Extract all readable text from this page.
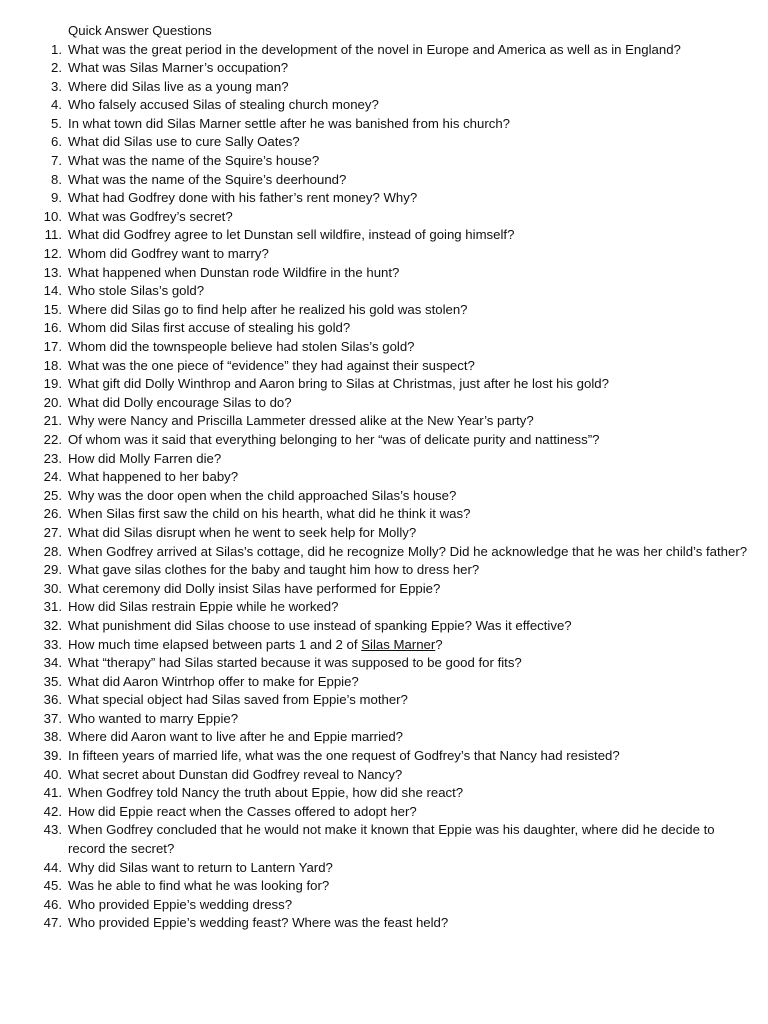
Quick Answer Questions
1. What was the great period in the development of the novel in Europe and America as well as in England?
2. What was Silas Marner’s occupation?
3. Where did Silas live as a young man?
4. Who falsely accused Silas of stealing church money?
5. In what town did Silas Marner settle after he was banished from his church?
6. What did Silas use to cure Sally Oates?
7. What was the name of the Squire’s house?
8. What was the name of the Squire’s deerhound?
9. What had Godfrey done with his father’s rent money? Why?
10. What was Godfrey’s secret?
11. What did Godfrey agree to let Dunstan sell wildfire, instead of going himself?
12. Whom did Godfrey want to marry?
13. What happened when Dunstan rode Wildfire in the hunt?
14. Who stole Silas’s gold?
15. Where did Silas go to find help after he realized his gold was stolen?
16. Whom did Silas first accuse of stealing his gold?
17. Whom did the townspeople believe had stolen Silas’s gold?
18. What was the one piece of “evidence” they had against their suspect?
19. What gift did Dolly Winthrop and Aaron bring to Silas at Christmas, just after he lost his gold?
20. What did Dolly encourage Silas to do?
21. Why were Nancy and Priscilla Lammeter dressed alike at the New Year’s party?
22. Of whom was it said that everything belonging to her “was of delicate purity and nattiness”?
23. How did Molly Farren die?
24. What happened to her baby?
25. Why was the door open when the child approached Silas’s house?
26. When Silas first saw the child on his hearth, what did he think it was?
27. What did Silas disrupt when he went to seek help for Molly?
28. When Godfrey arrived at Silas’s cottage, did he recognize Molly? Did he acknowledge that he was her child’s father?
29. What gave silas clothes for the baby and taught him how to dress her?
30. What ceremony did Dolly insist Silas have performed for Eppie?
31. How did Silas restrain Eppie while he worked?
32. What punishment did Silas choose to use instead of spanking Eppie? Was it effective?
33. How much time elapsed between parts 1 and 2 of Silas Marner?
34. What “therapy” had Silas started because it was supposed to be good for fits?
35. What did Aaron Wintrhop offer to make for Eppie?
36. What special object had Silas saved from Eppie’s mother?
37. Who wanted to marry Eppie?
38. Where did Aaron want to live after he and Eppie married?
39. In fifteen years of married life, what was the one request of Godfrey’s that Nancy had resisted?
40. What secret about Dunstan did Godfrey reveal to Nancy?
41. When Godfrey told Nancy the truth about Eppie, how did she react?
42. How did Eppie react when the Casses offered to adopt her?
43. When Godfrey concluded that he would not make it known that Eppie was his daughter, where did he decide to record the secret?
44. Why did Silas want to return to Lantern Yard?
45. Was he able to find what he was looking for?
46. Who provided Eppie’s wedding dress?
47. Who provided Eppie’s wedding feast? Where was the feast held?
